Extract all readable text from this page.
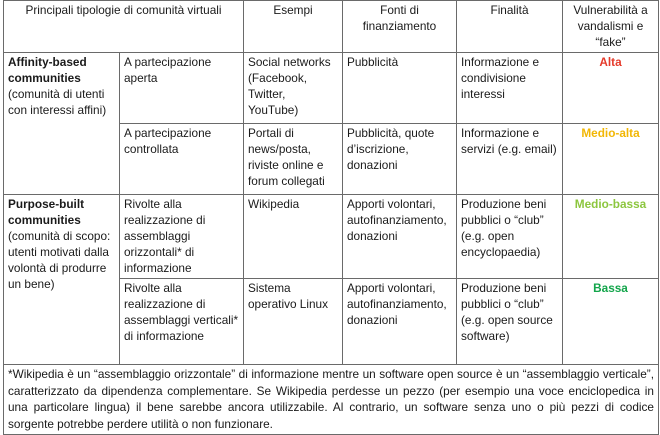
Principali tipologie di comunità virtuali		Esempi	Fonti di finanziamento	Finalità	Vulnerabilità a vandalismi e “fake”

Affinity-based communities
(comunità di utenti con interessi affini)	A partecipazione aperta	Social networks (Facebook, Twitter, YouTube)	Pubblicità	Informazione e condivisione interessi	Alta
	A partecipazione controllata	Portali di news/posta, riviste online e forum collegati	Pubblicità, quote d’iscrizione, donazioni	Informazione e servizi (e.g. email)	Medio-alta

Purpose-built communities
(comunità di scopo: utenti motivati dalla volontà di produrre un bene)	Rivolte alla realizzazione di assemblaggi orizzontali* di informazione	Wikipedia	Apporti volontari, autofinanziamento, donazioni	Produzione beni pubblici o “club” (e.g. open encyclopaedia)	Medio-bassa
	Rivolte alla realizzazione di assemblaggi verticali* di informazione	Sistema operativo Linux	Apporti volontari, autofinanziamento, donazioni	Produzione beni pubblici o “club” (e.g. open source software)	Bassa
*Wikipedia è un “assemblaggio orizzontale” di informazione mentre un software open source è un “assemblaggio verticale”, caratterizzato da dipendenza complementare. Se Wikipedia perdesse un pezzo (per esempio una voce enciclopedica in una particolare lingua) il bene sarebbe ancora utilizzabile. Al contrario, un software senza uno o più pezzi di codice sorgente potrebbe perdere utilità o non funzionare.					
